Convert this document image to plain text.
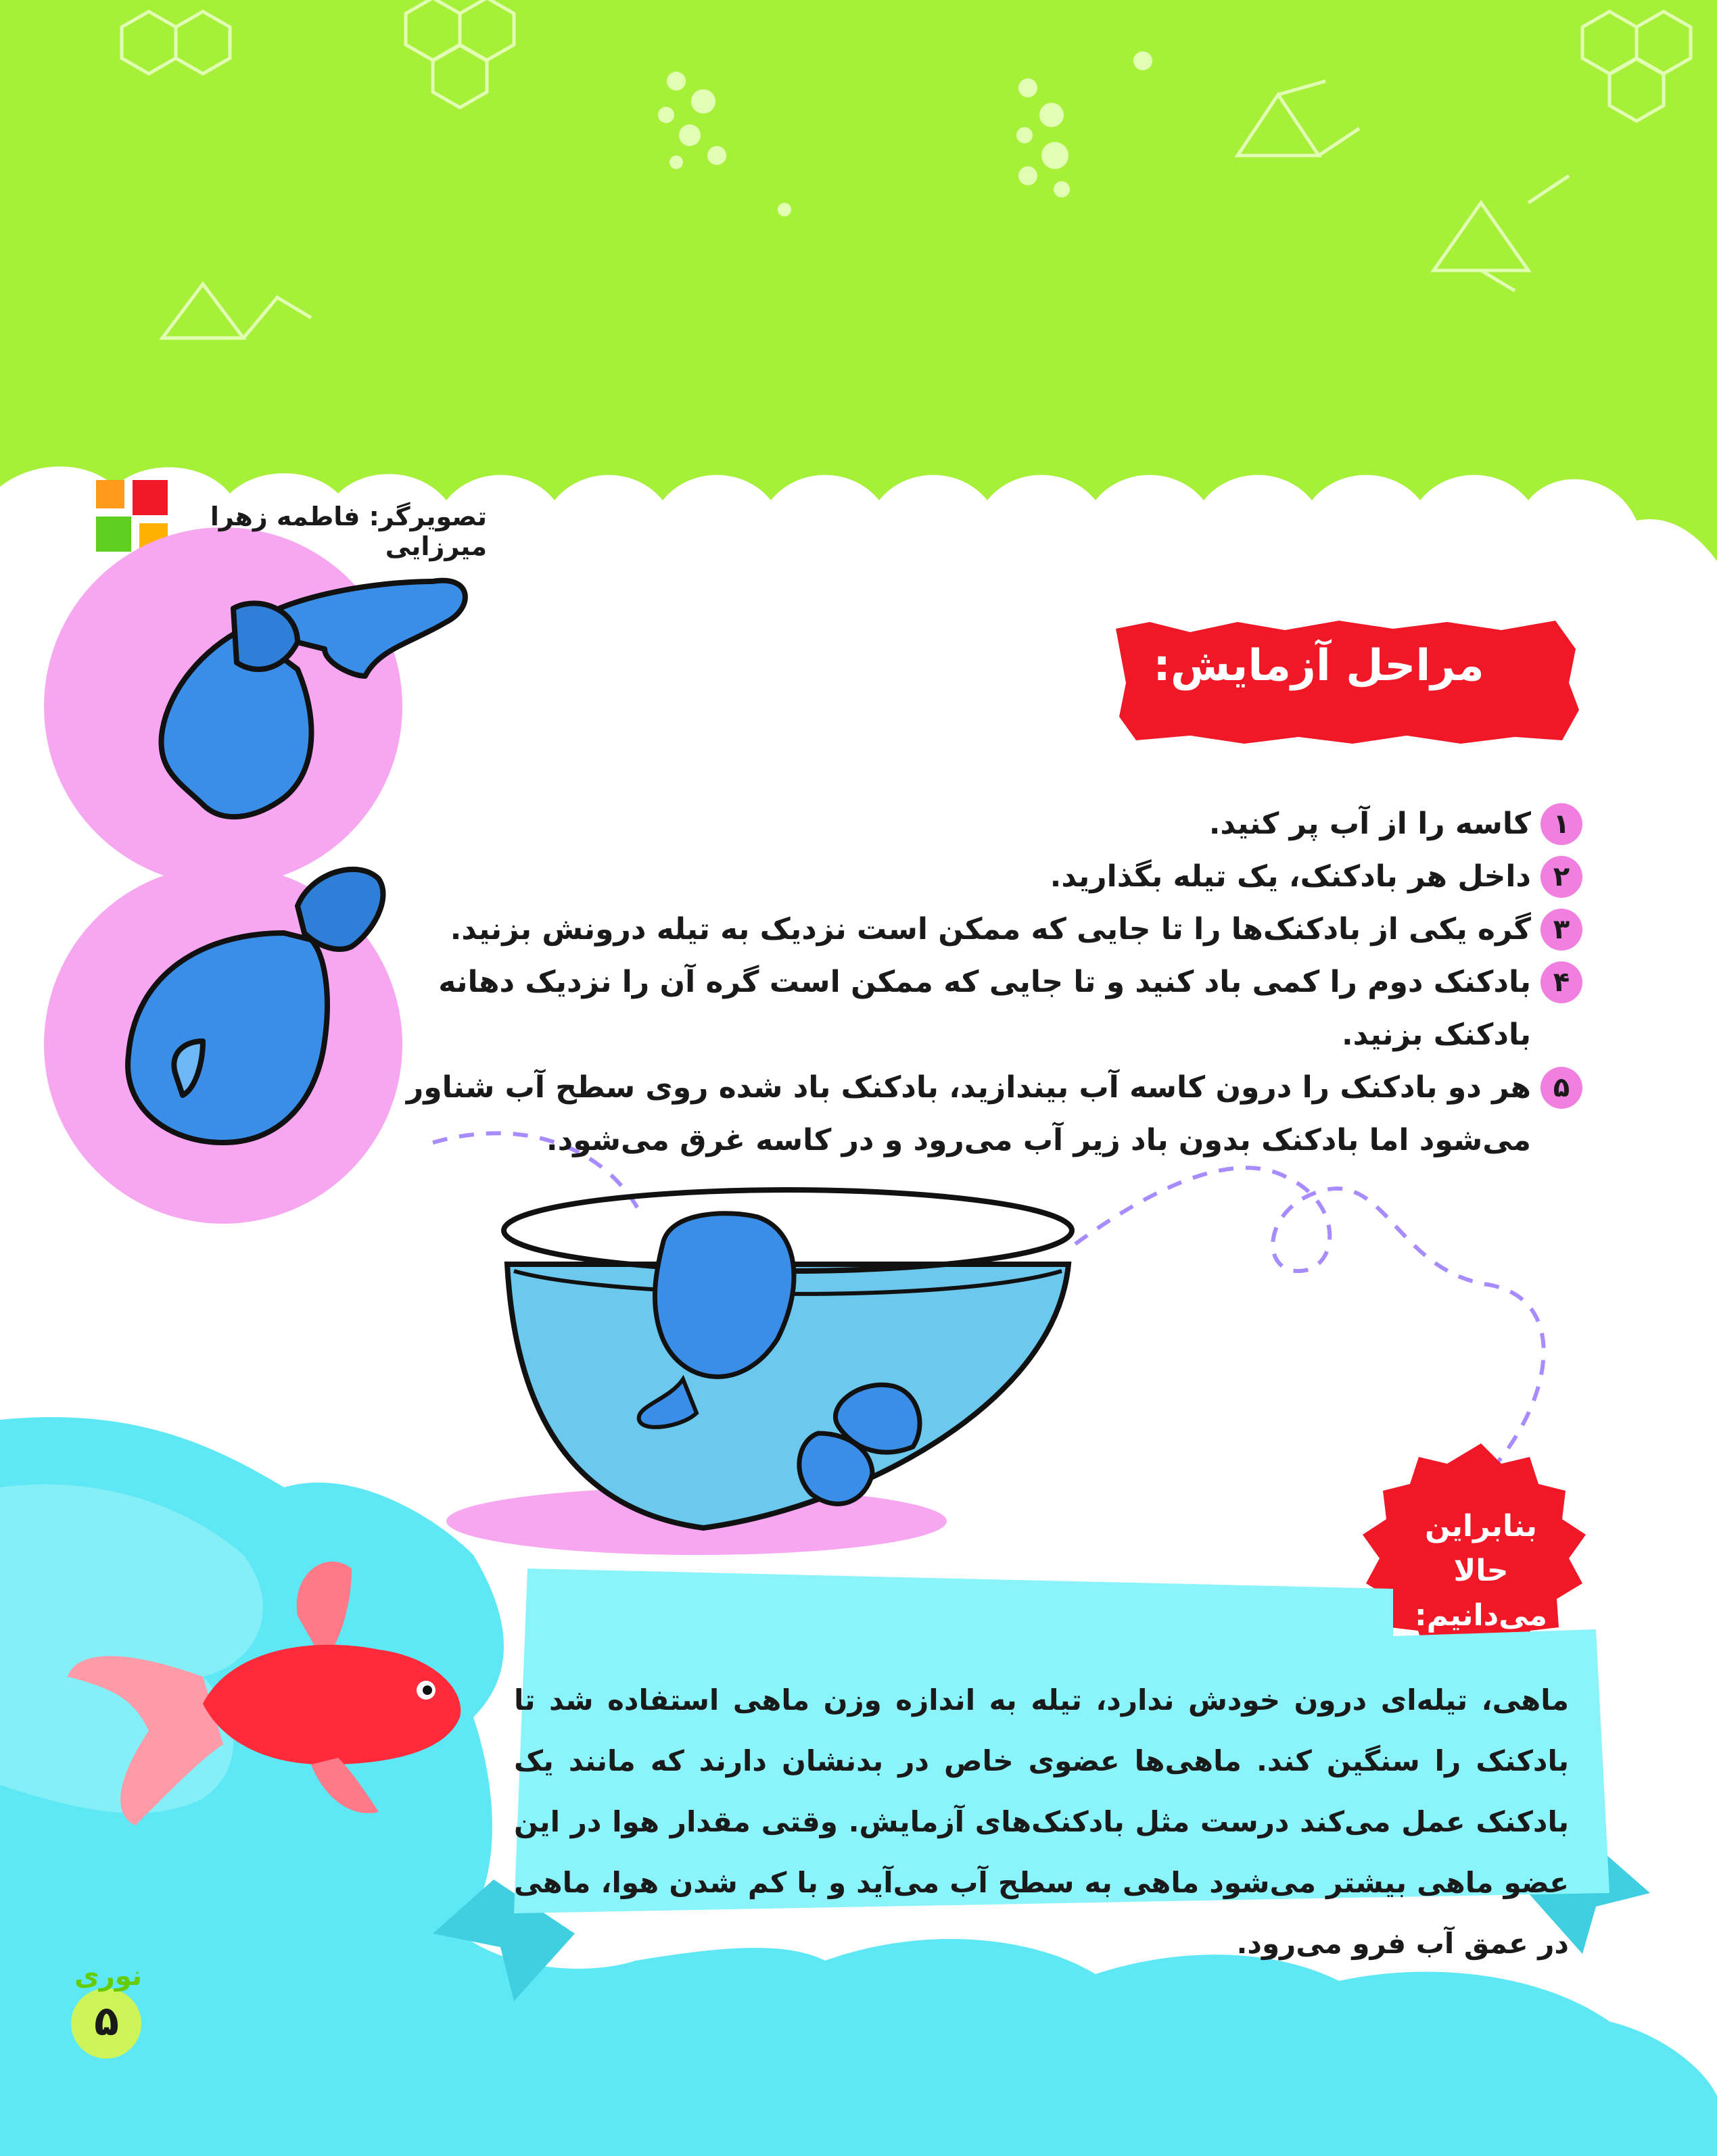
تصویرگر: فاطمه زهرا میرزایی
مراحل آزمایش:
۱
کاسه را از آب پر کنید.
۲
داخل هر بادکنک، یک تیله بگذارید.
۳
گره یکی از بادکنک‌ها را تا جایی که ممکن است نزدیک به تیله درونش بزنید.
۴
بادکنک دوم را کمی باد کنید و تا جایی که ممکن است گره آن را نزدیک دهانه بادکنک بزنید.
۵
هر دو بادکنک را درون کاسه آب بیندازید، بادکنک باد شده روی سطح آب شناور می‌شود اما بادکنک بدون باد زیر آب می‌رود و در کاسه غرق می‌شود.
بنابراین
حالا می‌دانیم:
ماهی، تیله‌ای درون خودش ندارد، تیله به اندازه وزن ماهی استفاده شد تا بادکنک را سنگین کند. ماهی‌ها عضوی خاص در بدنشان دارند که مانند یک بادکنک عمل می‌کند درست مثل بادکنک‌های آزمایش. وقتی مقدار هوا در این عضو ماهی بیشتر می‌شود ماهی به سطح آب می‌آید و با کم شدن هوا، ماهی در عمق آب فرو می‌رود.
نوری
۵
